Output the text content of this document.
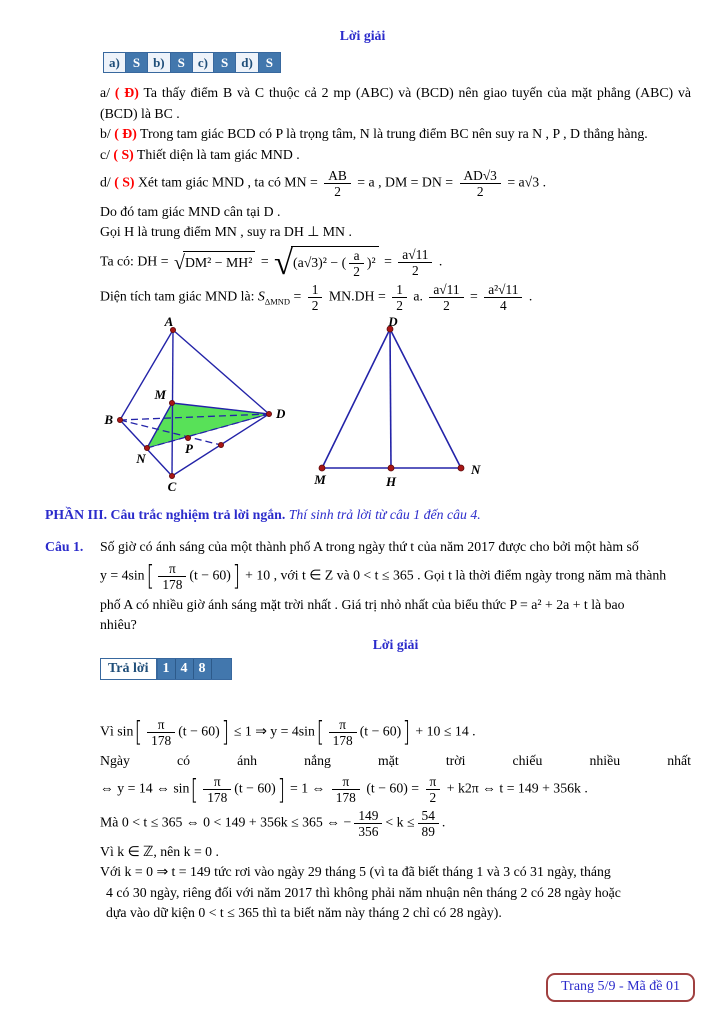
Lời giải
a)	S	b)	S	c)	S	d)	S

a/ ( Đ) Ta thấy điểm B và C thuộc cả 2 mp (ABC) và (BCD) nên giao tuyến của mặt phẳng (ABC) và (BCD) là BC .

b/ ( Đ) Trong tam giác BCD có P là trọng tâm, N là trung điểm BC nên suy ra N , P , D thẳng hàng.

c/ ( S) Thiết diện là tam giác MND .

d/ ( S) Xét tam giác MND , ta có MN = $\frac{AB}{2} = a$ , DM = DN = $\frac{AD√3}{2} = a√3$ .

Do đó tam giác MND cân tại D .

Gọi H là trung điểm MN , suy ra DH ⊥ MN .

Ta có: DH = √ DM² − MH² = √ (a√3)² − ( $\frac{a}{2} )^2 = \frac{a√11}{2}$ .

Diện tích tam giác MND là: $S_{\Delta MND} = \frac{1}{2} MN.DH = \frac{1}{2} a$. $\frac{a√11}{2} = \frac{\text{a²√11}}{4}$ .

A
B
C
D
M
N
P
D
M	H
N
PHẦN III. Câu trắc nghiệm trả lời ngắn. Thí sinh trả lời từ câu 1 đến câu 4.
Câu 1.	Số giờ có ánh sáng của một thành phố A trong ngày thứ t của năm 2017 được cho bởi một hàm số

$y = 4\sin[ \frac{\pi}{178} (t - 60)] + 10$ , với t ∈ Z và 0 < t ≤ 365 . Gọi t là thời điểm ngày trong năm mà thành

phố A có nhiều giờ ánh sáng mặt trời nhất . Giá trị nhỏ nhất của biểu thức P = a² + 2a + t là bao

nhiêu?

Lời giải
Trả lời	1 4 8

Vì $\sin[ \frac{\pi}{178} (t - 60)] \le 1$ ⇒ $y = 4\sin[ \frac{\pi}{178} (t - 60)] + 10 \le 14$ .

Ngày có ánh nắng mặt trời chiếu nhiều nhất

⇔ y = 14 ⇔ $\sin[ \frac{\pi}{178} (t - 60)] = 1$ ⇔ $\frac{\pi}{178} (t - 60) = \frac{\pi}{2} + k2\pi$ ⇔ t = 149 + 356k .

Mà 0 < t ≤ 365 ⇔ 0 < 149 + 356k ≤ 365 ⇔ − $\frac{149}{356} < k \le \frac{54}{89}$ .

Vì k ∈ ℤ, nên k = 0 .

Với k = 0 ⇒ t = 149 tức rơi vào ngày 29 tháng 5 (vì ta đã biết tháng 1 và 3 có 31 ngày, tháng

4 có 30 ngày, riêng đối với năm 2017 thì không phải năm nhuận nên tháng 2 có 28 ngày hoặc

dựa vào dữ kiện 0 < t ≤ 365 thì ta biết năm này tháng 2 chỉ có 28 ngày).

Trang 5/9 - Mã đề 01
